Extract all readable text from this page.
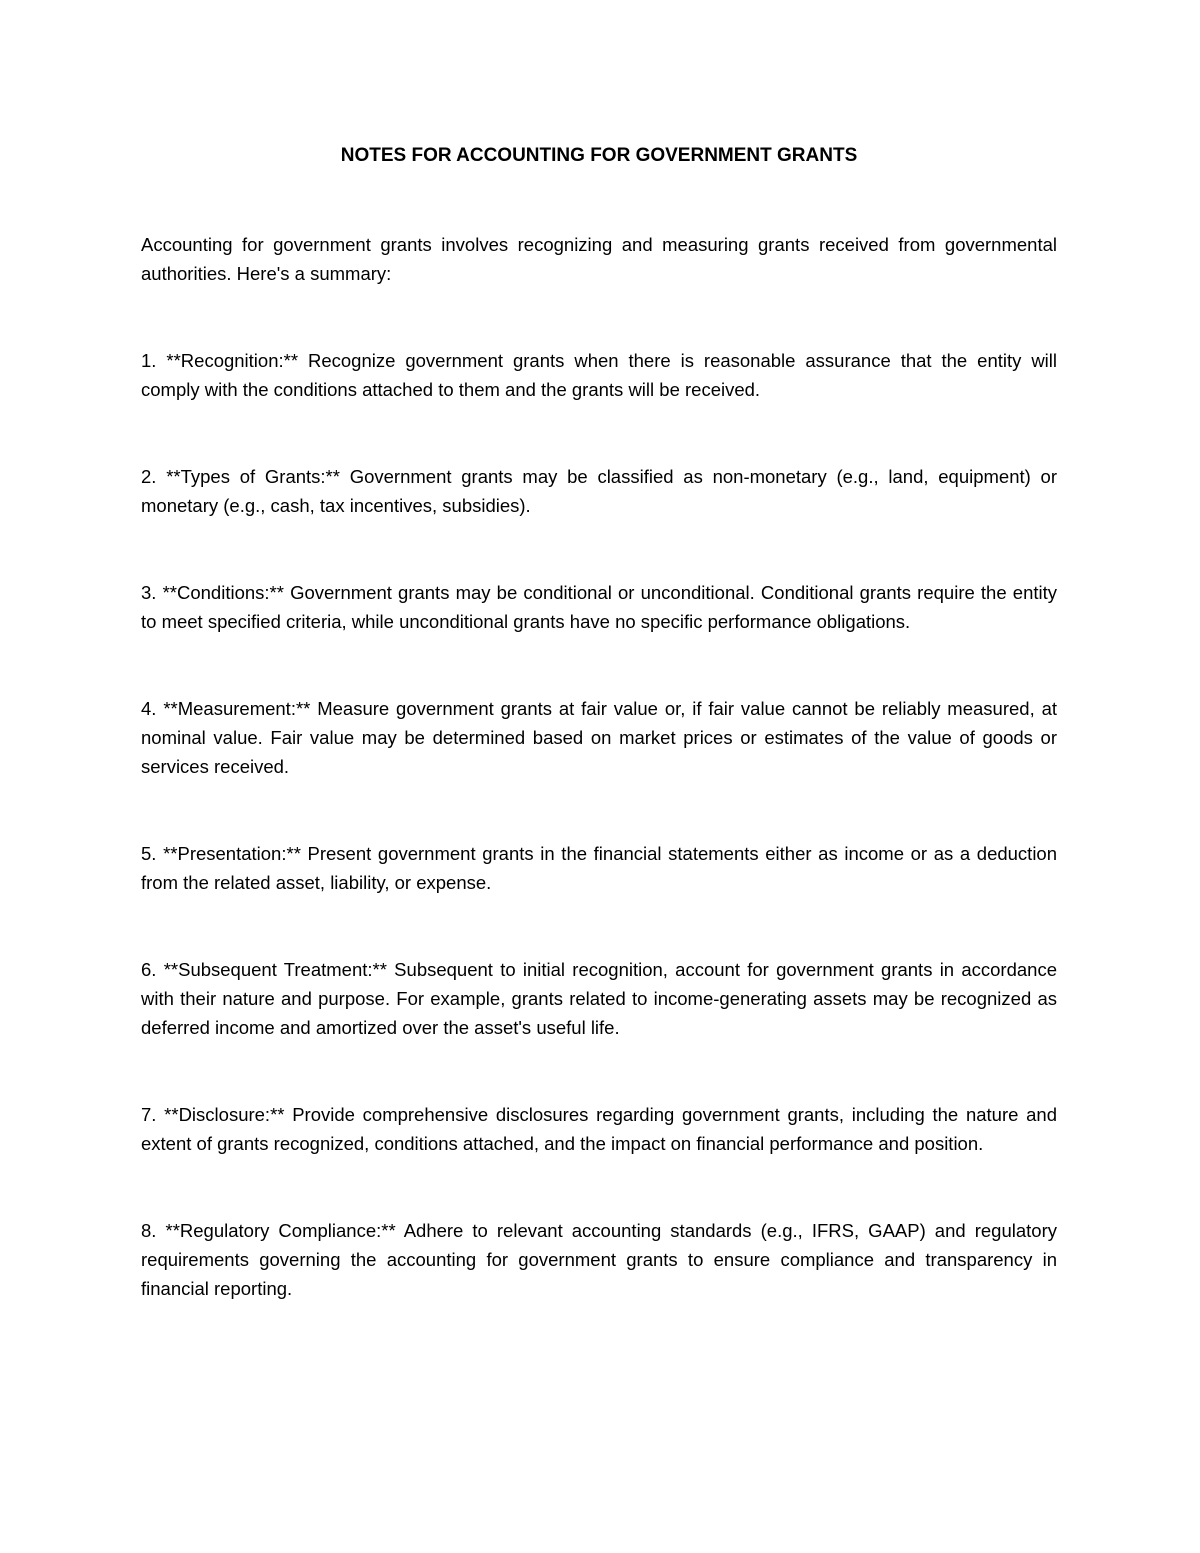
NOTES FOR ACCOUNTING FOR GOVERNMENT GRANTS

Accounting for government grants involves recognizing and measuring grants received from governmental authorities. Here's a summary:

1. **Recognition:** Recognize government grants when there is reasonable assurance that the entity will comply with the conditions attached to them and the grants will be received.

2. **Types of Grants:** Government grants may be classified as non-monetary (e.g., land, equipment) or monetary (e.g., cash, tax incentives, subsidies).

3. **Conditions:** Government grants may be conditional or unconditional. Conditional grants require the entity to meet specified criteria, while unconditional grants have no specific performance obligations.

4. **Measurement:** Measure government grants at fair value or, if fair value cannot be reliably measured, at nominal value. Fair value may be determined based on market prices or estimates of the value of goods or services received.

5. **Presentation:** Present government grants in the financial statements either as income or as a deduction from the related asset, liability, or expense.

6. **Subsequent Treatment:** Subsequent to initial recognition, account for government grants in accordance with their nature and purpose. For example, grants related to income-generating assets may be recognized as deferred income and amortized over the asset's useful life.

7. **Disclosure:** Provide comprehensive disclosures regarding government grants, including the nature and extent of grants recognized, conditions attached, and the impact on financial performance and position.

8. **Regulatory Compliance:** Adhere to relevant accounting standards (e.g., IFRS, GAAP) and regulatory requirements governing the accounting for government grants to ensure compliance and transparency in financial reporting.
